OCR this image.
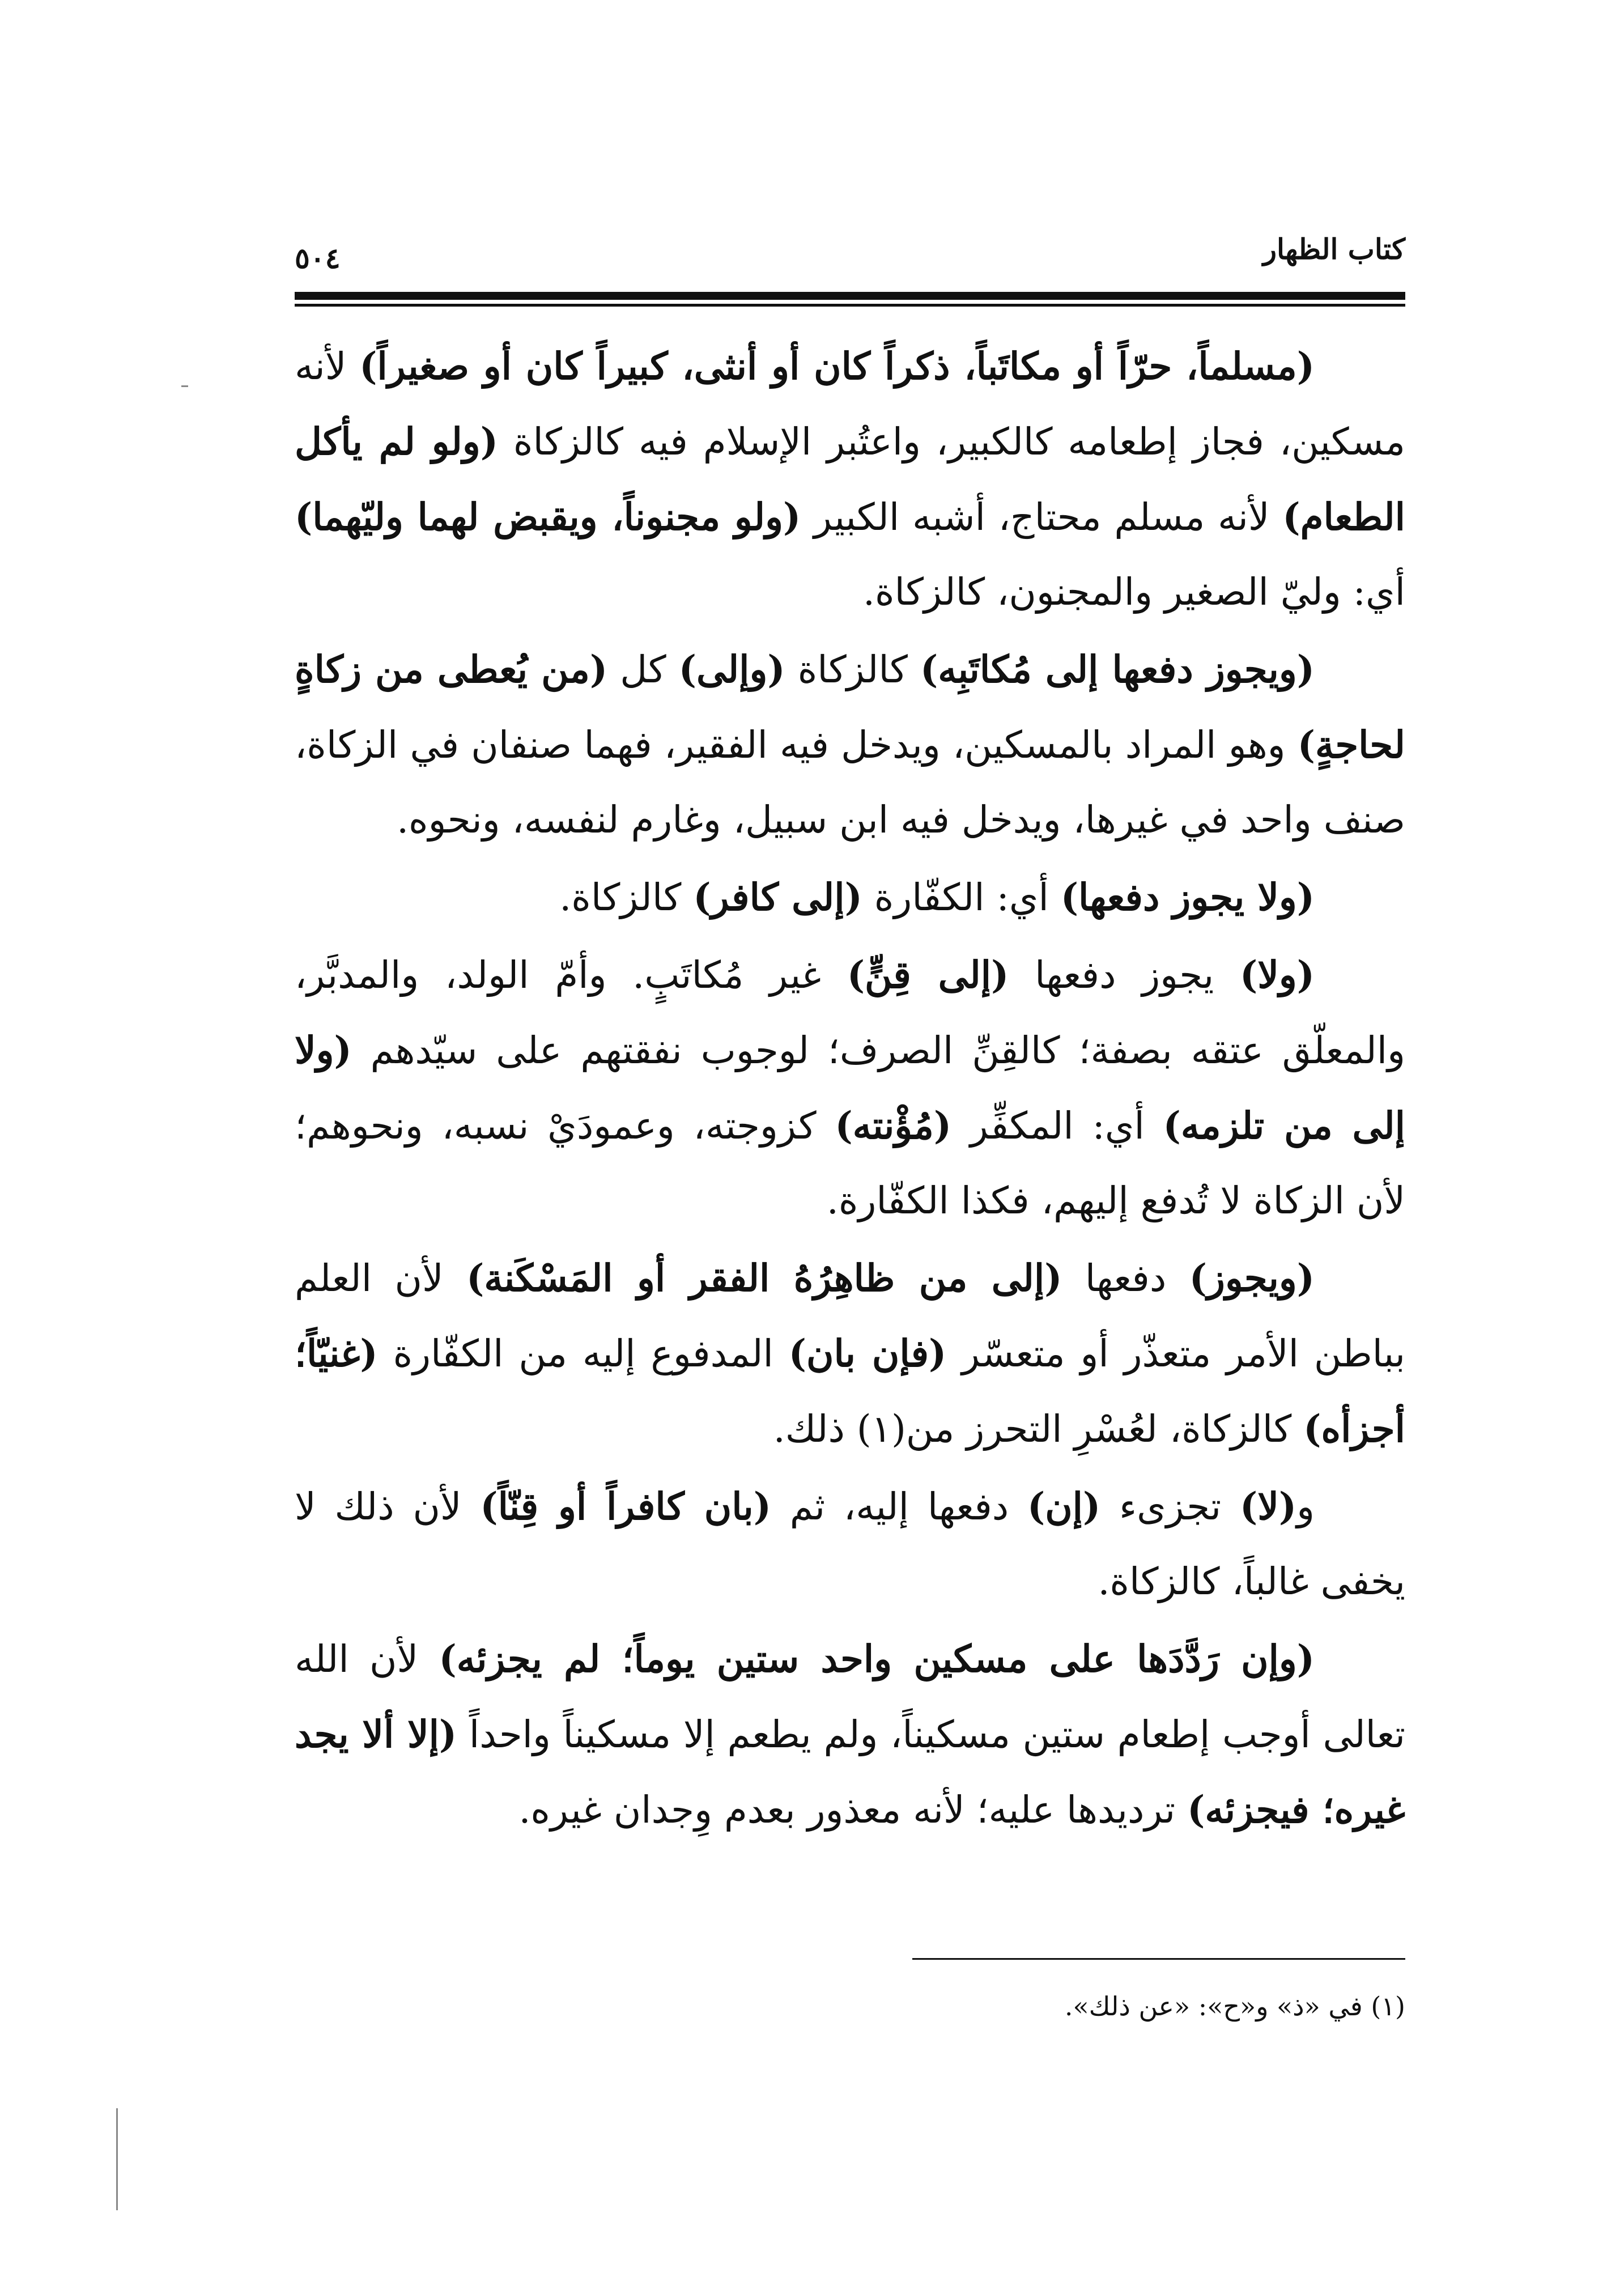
كتاب الظهار
٥٠٤

(مسلماً، حرّاً أو مكاتَباً، ذكراً كان أو أنثى، كبيراً كان أو صغيراً) لأنه مسكين، فجاز إطعامه كالكبير، واعتُبر الإسلام فيه كالزكاة (ولو لم يأكل الطعام) لأنه مسلم محتاج، أشبه الكبير (ولو مجنوناً، ويقبض لهما وليّهما) أي: وليّ الصغير والمجنون، كالزكاة.

(ويجوز دفعها إلى مُكاتَبِه) كالزكاة (وإلى) كل (من يُعطى من زكاةٍ لحاجةٍ) وهو المراد بالمسكين، ويدخل فيه الفقير، فهما صنفان في الزكاة، صنف واحد في غيرها، ويدخل فيه ابن سبيل، وغارم لنفسه، ونحوه.

(ولا يجوز دفعها) أي: الكفّارة (إلى كافر) كالزكاة.

(ولا) يجوز دفعها (إلى قِنٍّ) غير مُكاتَبٍ. وأمّ الولد، والمدبَّر، والمعلّق عتقه بصفة؛ كالقِنِّ الصرف؛ لوجوب نفقتهم على سيّدهم (ولا إلى من تلزمه) أي: المكفِّر (مُؤْنته) كزوجته، وعمودَيْ نسبه، ونحوهم؛ لأن الزكاة لا تُدفع إليهم، فكذا الكفّارة.

(ويجوز) دفعها (إلى من ظاهِرُهُ الفقر أو المَسْكَنة) لأن العلم بباطن الأمر متعذّر أو متعسّر (فإن بان) المدفوع إليه من الكفّارة (غنيّاً؛ أجزأه) كالزكاة، لعُسْرِ التحرز من(١) ذلك.

و(لا) تجزىء (إن) دفعها إليه، ثم (بان كافراً أو قِنّاً) لأن ذلك لا يخفى غالباً، كالزكاة.

(وإن رَدَّدَها على مسكين واحد ستين يوماً؛ لم يجزئه) لأن الله تعالى أوجب إطعام ستين مسكيناً، ولم يطعم إلا مسكيناً واحداً (إلا ألا يجد غيره؛ فيجزئه) ترديدها عليه؛ لأنه معذور بعدم وِجدان غيره.

(١) في «ذ» و«ح»: «عن ذلك».
